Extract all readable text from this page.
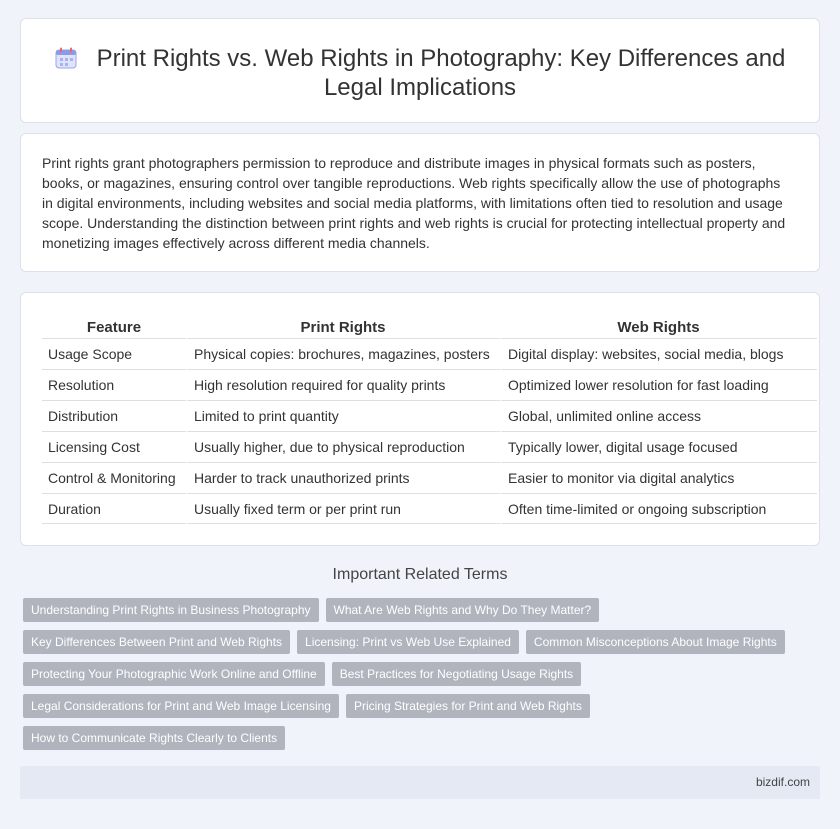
Print Rights vs. Web Rights in Photography: Key Differences and Legal Implications

Print rights grant photographers permission to reproduce and distribute images in physical formats such as posters, books, or magazines, ensuring control over tangible reproductions. Web rights specifically allow the use of photographs in digital environments, including websites and social media platforms, with limitations often tied to resolution and usage scope. Understanding the distinction between print rights and web rights is crucial for protecting intellectual property and monetizing images effectively across different media channels.

Feature	Print Rights	Web Rights
Usage Scope	Physical copies: brochures, magazines, posters	Digital display: websites, social media, blogs
Resolution	High resolution required for quality prints	Optimized lower resolution for fast loading
Distribution	Limited to print quantity	Global, unlimited online access
Licensing Cost	Usually higher, due to physical reproduction	Typically lower, digital usage focused
Control & Monitoring	Harder to track unauthorized prints	Easier to monitor via digital analytics
Duration	Usually fixed term or per print run	Often time-limited or ongoing subscription
Important Related Terms
Understanding Print Rights in Business Photography	What Are Web Rights and Why Do They Matter?
Key Differences Between Print and Web Rights	Licensing: Print vs Web Use Explained	Common Misconceptions About Image Rights
Protecting Your Photographic Work Online and Offline	Best Practices for Negotiating Usage Rights
Legal Considerations for Print and Web Image Licensing	Pricing Strategies for Print and Web Rights
How to Communicate Rights Clearly to Clients
bizdif.com
